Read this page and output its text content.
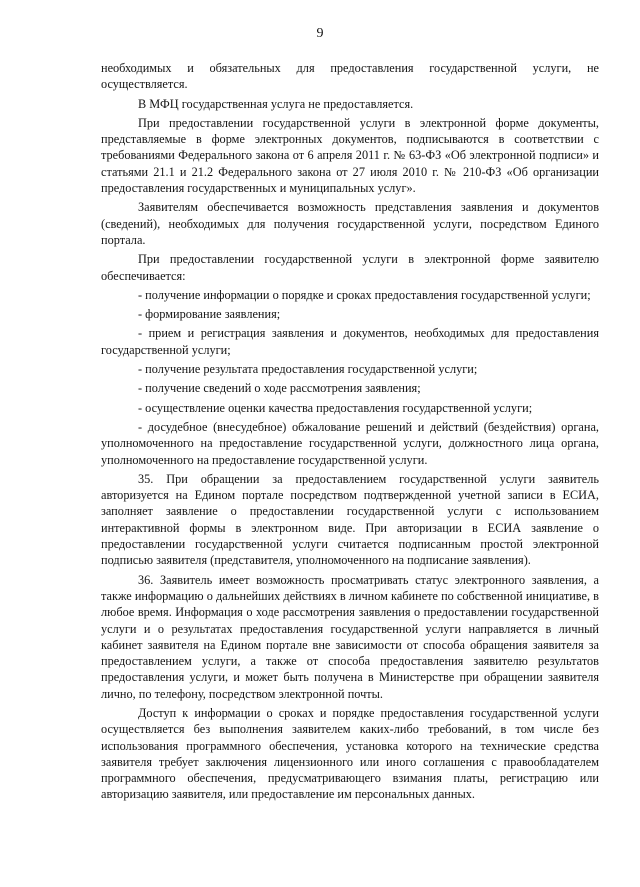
9

необходимых и обязательных для предоставления государственной услуги, не осуществляется.

В МФЦ государственная услуга не предоставляется.

При предоставлении государственной услуги в электронной форме документы, представляемые в форме электронных документов, подписываются в соответствии с требованиями Федерального закона от 6 апреля 2011 г. № 63-ФЗ «Об электронной подписи» и статьями 21.1 и 21.2 Федерального закона от 27 июля 2010 г. № 210-ФЗ «Об организации предоставления государственных и муниципальных услуг».

Заявителям обеспечивается возможность представления заявления и документов (сведений), необходимых для получения государственной услуги, посредством Единого портала.

При предоставлении государственной услуги в электронной форме заявителю обеспечивается:

- получение информации о порядке и сроках предоставления государственной услуги;

- формирование заявления;

- прием и регистрация заявления и документов, необходимых для предоставления государственной услуги;

- получение результата предоставления государственной услуги;

- получение сведений о ходе рассмотрения заявления;

- осуществление оценки качества предоставления государственной услуги;

- досудебное (внесудебное) обжалование решений и действий (бездействия) органа, уполномоченного на предоставление государственной услуги, должностного лица органа, уполномоченного на предоставление государственной услуги.

35. При обращении за предоставлением государственной услуги заявитель авторизуется на Едином портале посредством подтвержденной учетной записи в ЕСИА, заполняет заявление о предоставлении государственной услуги с использованием интерактивной формы в электронном виде. При авторизации в ЕСИА заявление о предоставлении государственной услуги считается подписанным простой электронной подписью заявителя (представителя, уполномоченного на подписание заявления).

36. Заявитель имеет возможность просматривать статус электронного заявления, а также информацию о дальнейших действиях в личном кабинете по собственной инициативе, в любое время. Информация о ходе рассмотрения заявления о предоставлении государственной услуги и о результатах предоставления государственной услуги направляется в личный кабинет заявителя на Едином портале вне зависимости от способа обращения заявителя за предоставлением услуги, а также от способа предоставления заявителю результатов предоставления услуги, и может быть получена в Министерстве при обращении заявителя лично, по телефону, посредством электронной почты.

Доступ к информации о сроках и порядке предоставления государственной услуги осуществляется без выполнения заявителем каких-либо требований, в том числе без использования программного обеспечения, установка которого на технические средства заявителя требует заключения лицензионного или иного соглашения с правообладателем программного обеспечения, предусматривающего взимания платы, регистрацию или авторизацию заявителя, или предоставление им персональных данных.
